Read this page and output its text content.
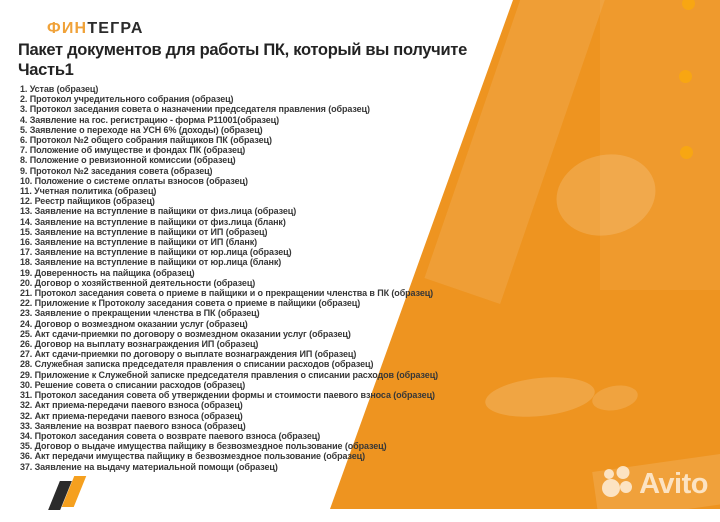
Avito
ФИНТЕГРА
Пакет документов для работы ПК, который вы получите
Часть1
1. Устав (образец)
2. Протокол учредительного собрания (образец)
3. Протокол заседания совета о назначении председателя правления (образец)
4. Заявление на гос. регистрацию - форма Р11001(образец)
5. Заявление о переходе на УСН 6% (доходы) (образец)
6. Протокол №2 общего собрания пайщиков ПК (образец)
7. Положение об имуществе и фондах ПК (образец)
8. Положение о ревизионной комиссии (образец)
9. Протокол №2 заседания совета (образец)
10. Положение о системе оплаты взносов (образец)
11. Учетная политика (образец)
12. Реестр пайщиков (образец)
13. Заявление на вступление в пайщики от физ.лица (образец)
14. Заявление на вступление в пайщики от физ.лица (бланк)
15. Заявление на вступление в пайщики от ИП (образец)
16. Заявление на вступление в пайщики от ИП (бланк)
17. Заявление на вступление в пайщики от юр.лица (образец)
18. Заявление на вступление в пайщики от юр.лица (бланк)
19. Доверенность на пайщика (образец)
20. Договор о хозяйственной деятельности (образец)
21. Протокол заседания совета о приеме в пайщики и о прекращении членства в ПК (образец)
22. Приложение к Протоколу заседания совета о приеме в пайщики (образец)
23. Заявление о прекращении членства в ПК (образец)
24. Договор о возмездном оказании услуг (образец)
25. Акт сдачи-приемки по договору о возмездном оказании услуг (образец)
26. Договор на выплату вознаграждения ИП (образец)
27. Акт сдачи-приемки по договору о выплате вознаграждения ИП (образец)
28. Служебная записка председателя правления о списании расходов (образец)
29. Приложение к Служебной записке председателя правления о списании расходов (образец)
30. Решение совета о списании расходов (образец)
31. Протокол заседания совета об утверждении формы и стоимости паевого взноса (образец)
32. Акт приема-передачи паевого взноса (образец)
32. Акт приема-передачи паевого взноса (образец)
33. Заявление на возврат паевого взноса (образец)
34. Протокол заседания совета о возврате паевого взноса (образец)
35. Договор о выдаче имущества пайщику в безвозмездное пользование (образец)
36. Акт передачи имущества пайщику в безвозмездное пользование (образец)
37. Заявление на выдачу материальной помощи (образец)
